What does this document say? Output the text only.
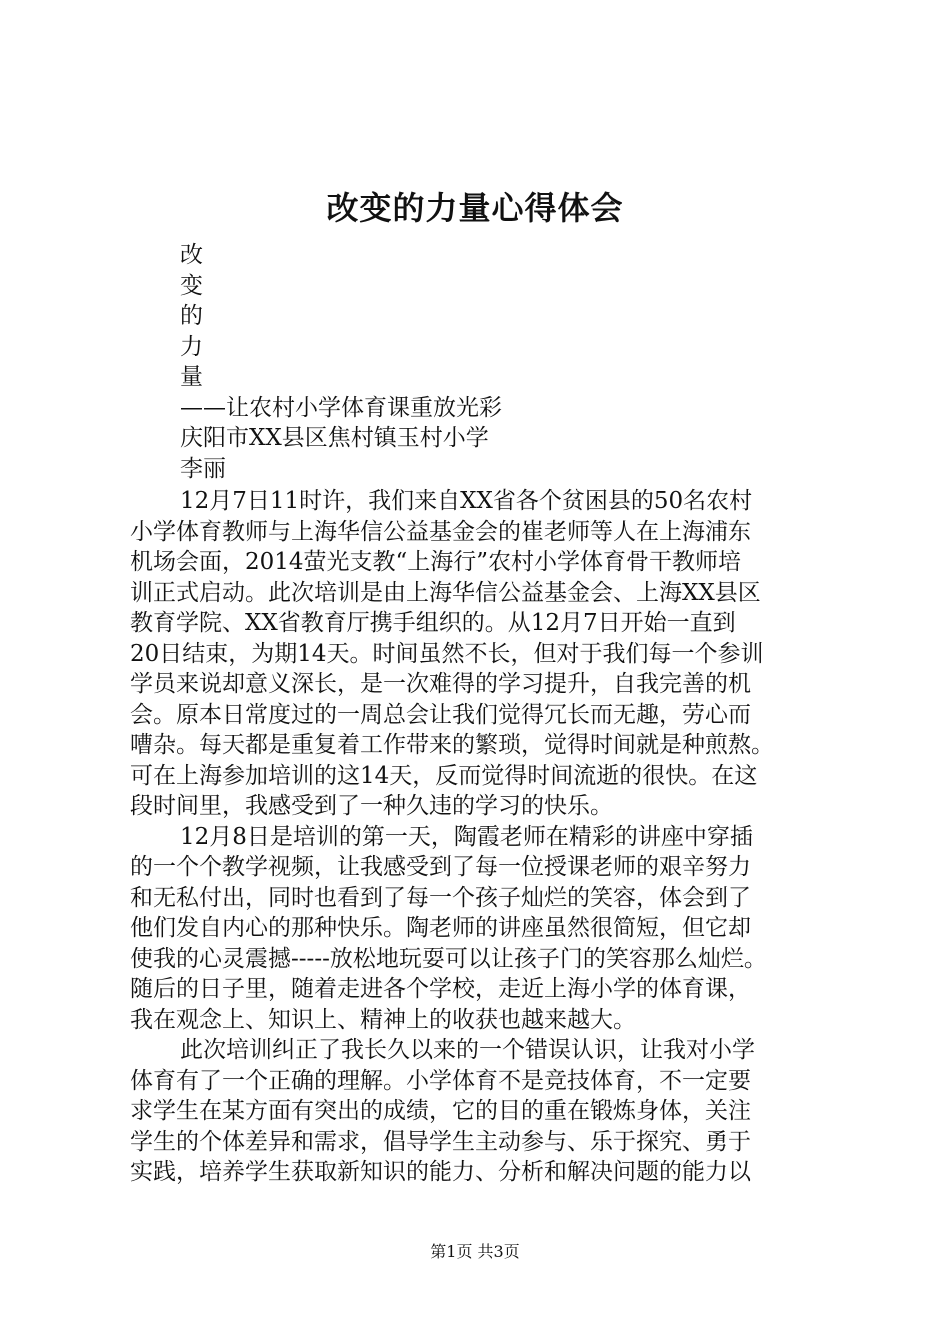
改变的力量心得体会
改
变
的
力
量
——让农村小学体育课重放光彩
庆阳市XX县区焦村镇玉村小学
李丽
12月7日11时许，我们来自XX省各个贫困县的50名农村
小学体育教师与上海华信公益基金会的崔老师等人在上海浦东
机场会面，2014萤光支教“上海行”农村小学体育骨干教师培
训正式启动。此次培训是由上海华信公益基金会、上海XX县区
教育学院、XX省教育厅携手组织的。从12月7日开始一直到
20日结束，为期14天。时间虽然不长，但对于我们每一个参训
学员来说却意义深长，是一次难得的学习提升，自我完善的机
会。原本日常度过的一周总会让我们觉得冗长而无趣，劳心而
嘈杂。每天都是重复着工作带来的繁琐，觉得时间就是种煎熬。
可在上海参加培训的这14天，反而觉得时间流逝的很快。在这
段时间里，我感受到了一种久违的学习的快乐。
12月8日是培训的第一天，陶霞老师在精彩的讲座中穿插
的一个个教学视频，让我感受到了每一位授课老师的艰辛努力
和无私付出，同时也看到了每一个孩子灿烂的笑容，体会到了
他们发自内心的那种快乐。陶老师的讲座虽然很简短，但它却
使我的心灵震撼-----放松地玩耍可以让孩子门的笑容那么灿烂。
随后的日子里，随着走进各个学校，走近上海小学的体育课，
我在观念上、知识上、精神上的收获也越来越大。
此次培训纠正了我长久以来的一个错误认识，让我对小学
体育有了一个正确的理解。小学体育不是竞技体育，不一定要
求学生在某方面有突出的成绩，它的目的重在锻炼身体，关注
学生的个体差异和需求，倡导学生主动参与、乐于探究、勇于
实践，培养学生获取新知识的能力、分析和解决问题的能力以
第1页 共3页
